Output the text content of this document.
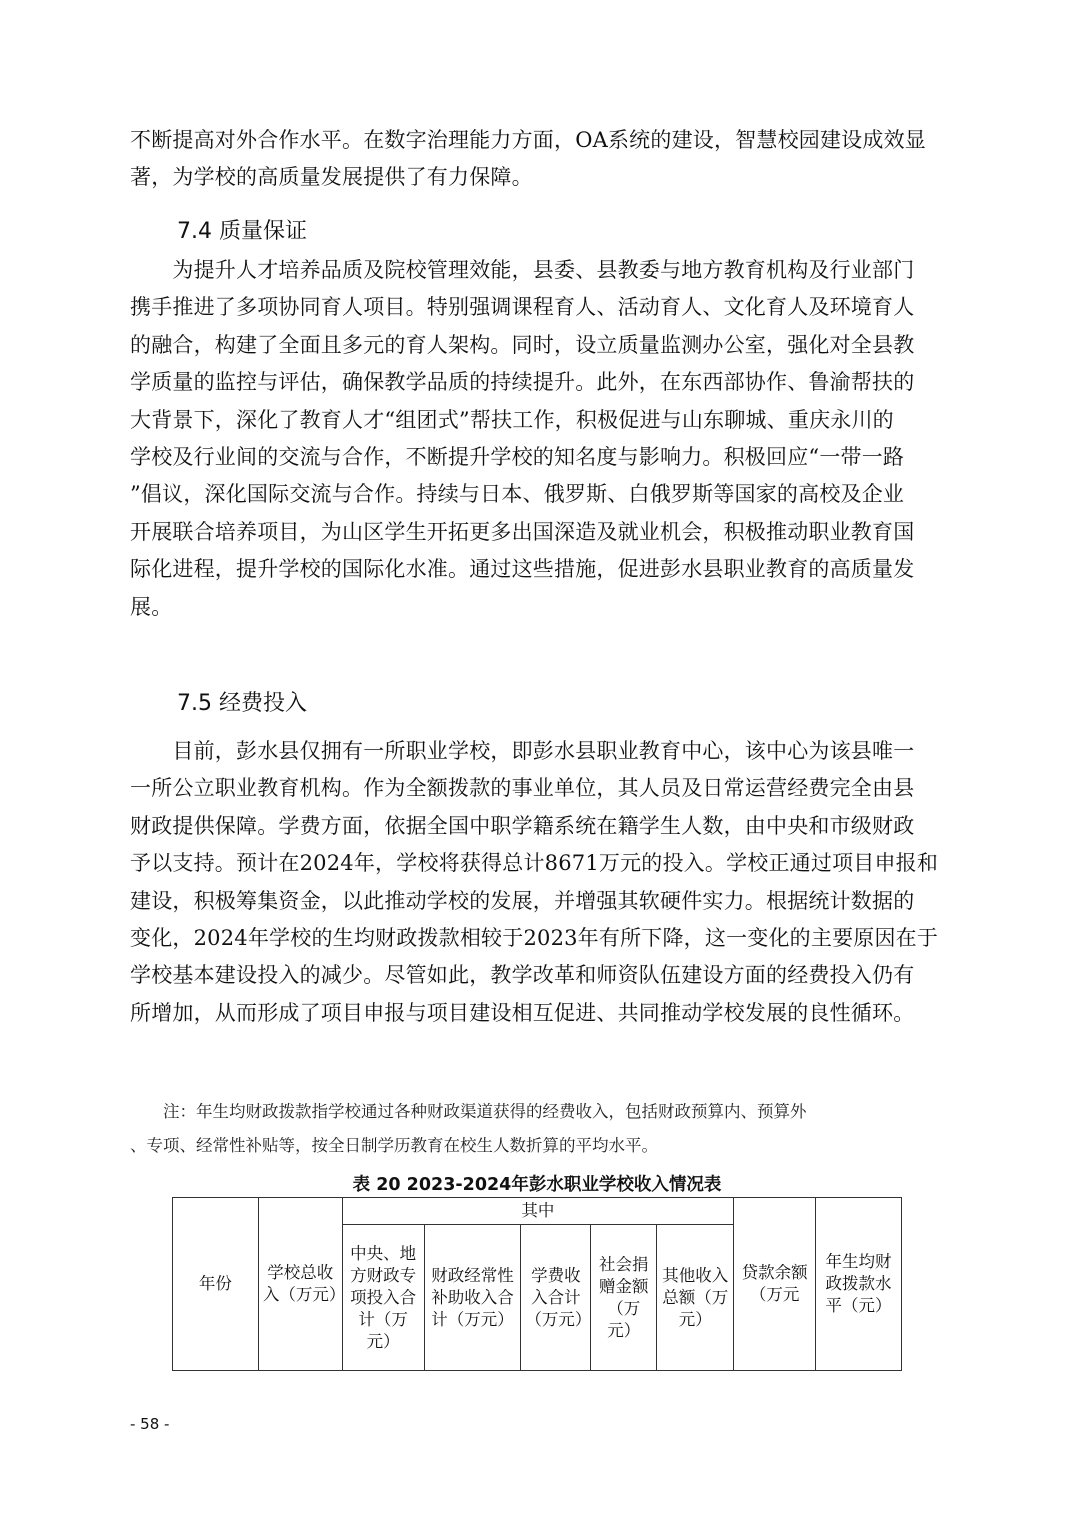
不断提高对外合作水平。在数字治理能力方面，OA系统的建设，智慧校园建设成效显
著，为学校的高质量发展提供了有力保障。
7.4 质量保证
　　为提升人才培养品质及院校管理效能，县委、县教委与地方教育机构及行业部门
携手推进了多项协同育人项目。特别强调课程育人、活动育人、文化育人及环境育人
的融合，构建了全面且多元的育人架构。同时，设立质量监测办公室，强化对全县教
学质量的监控与评估，确保教学品质的持续提升。此外，在东西部协作、鲁渝帮扶的
大背景下，深化了教育人才“组团式”帮扶工作，积极促进与山东聊城、重庆永川的
学校及行业间的交流与合作，不断提升学校的知名度与影响力。积极回应“一带一路
”倡议，深化国际交流与合作。持续与日本、俄罗斯、白俄罗斯等国家的高校及企业
开展联合培养项目，为山区学生开拓更多出国深造及就业机会，积极推动职业教育国
际化进程，提升学校的国际化水准。通过这些措施，促进彭水县职业教育的高质量发
展。
7.5 经费投入
　　目前，彭水县仅拥有一所职业学校，即彭水县职业教育中心，该中心为该县唯一
一所公立职业教育机构。作为全额拨款的事业单位，其人员及日常运营经费完全由县
财政提供保障。学费方面，依据全国中职学籍系统在籍学生人数，由中央和市级财政
予以支持。预计在2024年，学校将获得总计8671万元的投入。学校正通过项目申报和
建设，积极筹集资金，以此推动学校的发展，并增强其软硬件实力。根据统计数据的
变化，2024年学校的生均财政拨款相较于2023年有所下降，这一变化的主要原因在于
学校基本建设投入的减少。尽管如此，教学改革和师资队伍建设方面的经费投入仍有
所增加，从而形成了项目申报与项目建设相互促进、共同推动学校发展的良性循环。
　　注：年生均财政拨款指学校通过各种财政渠道获得的经费收入，包括财政预算内、预算外
、专项、经常性补贴等，按全日制学历教育在校生人数折算的平均水平。
表 20 2023-2024年彭水职业学校收入情况表
年份	学校总收入（万元）	其中					贷款余额（万元	年生均财政拨款水平（元）
		中央、地方财政专项投入合计（万元）	财政经常性补助收入合计（万元）	学费收入合计（万元）	社会捐赠金额（万元）	其他收入总额（万元）		
- 58 -
